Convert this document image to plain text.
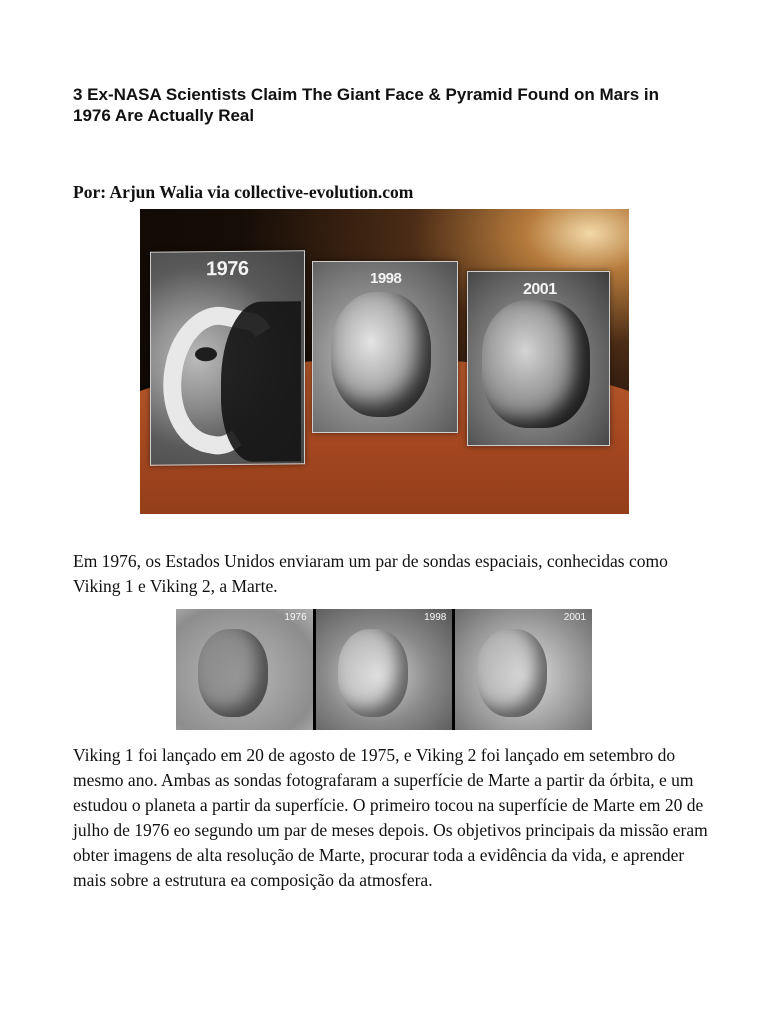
3 Ex-NASA Scientists Claim The Giant Face & Pyramid Found on Mars in 1976 Are Actually Real

Por: Arjun Walia via collective-evolution.com

1976	1998
2001

Em 1976, os Estados Unidos enviaram um par de sondas espaciais, conhecidas como Viking 1 e Viking 2, a Marte.

1976	1998	2001

Viking 1 foi lançado em 20 de agosto de 1975, e Viking 2 foi lançado em setembro do mesmo ano. Ambas as sondas fotografaram a superfície de Marte a partir da órbita, e um estudou o planeta a partir da superfície. O primeiro tocou na superfície de Marte em 20 de julho de 1976 eo segundo um par de meses depois. Os objetivos principais da missão eram obter imagens de alta resolução de Marte, procurar toda a evidência da vida, e aprender mais sobre a estrutura ea composição da atmosfera.
